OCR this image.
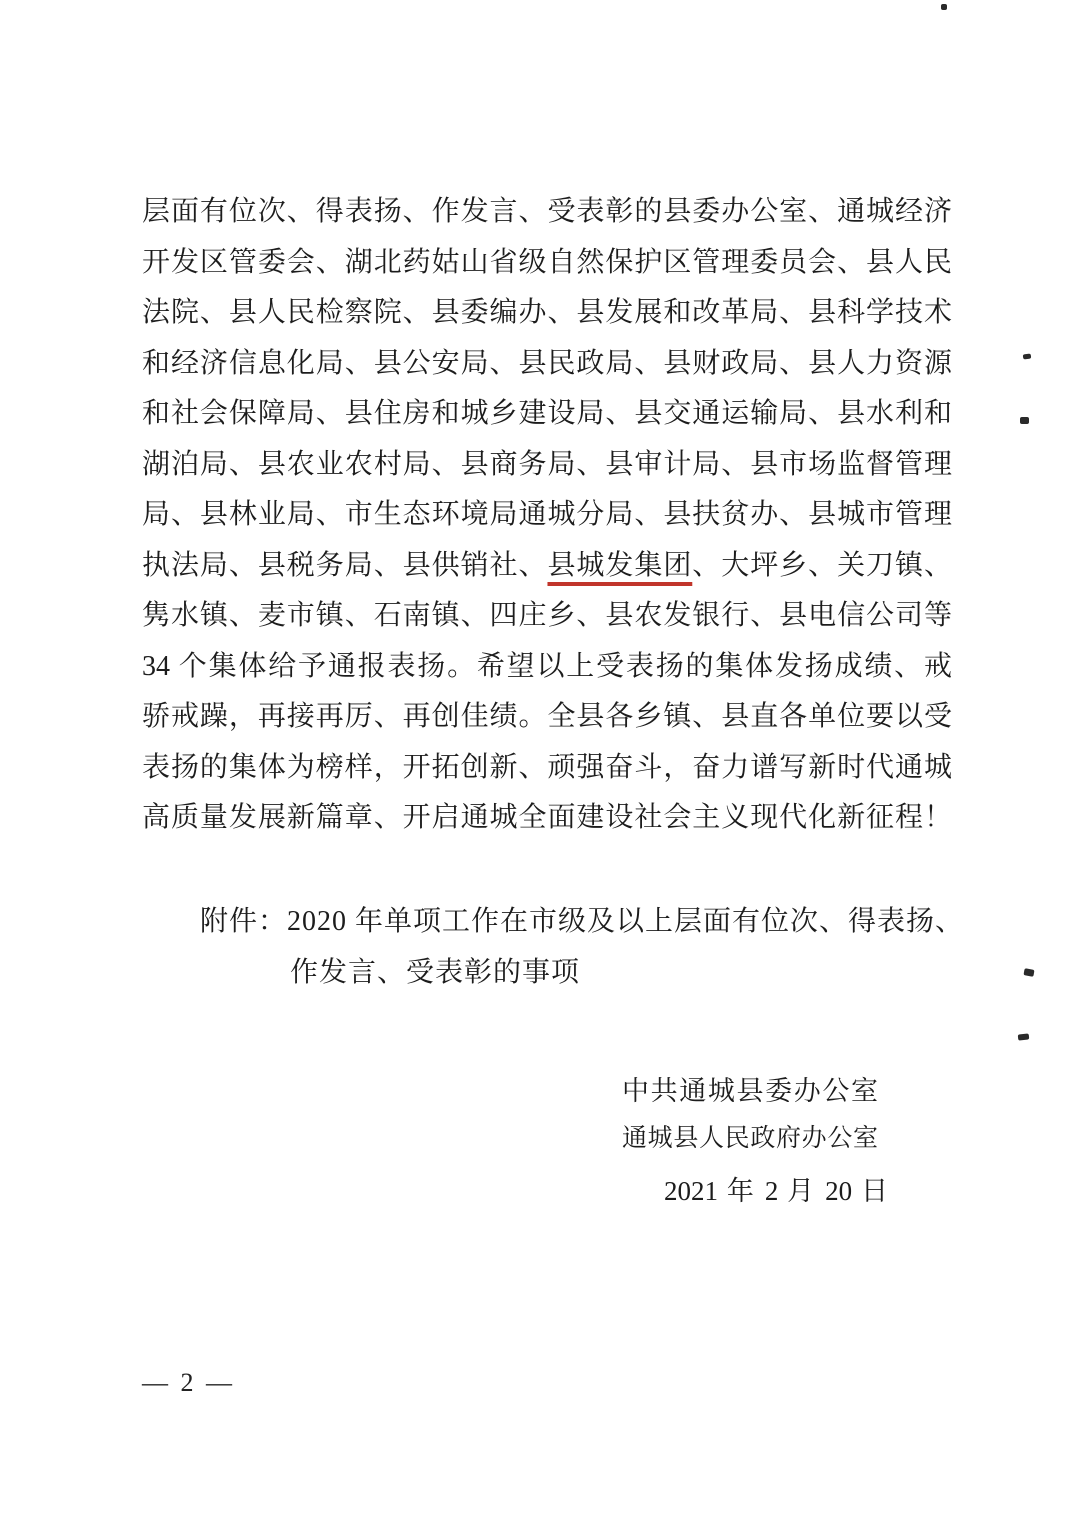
层面有位次、得表扬、作发言、受表彰的县委办公室、通城经济
开发区管委会、湖北药姑山省级自然保护区管理委员会、县人民
法院、县人民检察院、县委编办、县发展和改革局、县科学技术
和经济信息化局、县公安局、县民政局、县财政局、县人力资源
和社会保障局、县住房和城乡建设局、县交通运输局、县水利和
湖泊局、县农业农村局、县商务局、县审计局、县市场监督管理
局、县林业局、市生态环境局通城分局、县扶贫办、县城市管理
执法局、县税务局、县供销社、县城发集团、大坪乡、关刀镇、
隽水镇、麦市镇、石南镇、四庄乡、县农发银行、县电信公司等
34 个集体给予通报表扬。希望以上受表扬的集体发扬成绩、戒
骄戒躁，再接再厉、再创佳绩。全县各乡镇、县直各单位要以受
表扬的集体为榜样，开拓创新、顽强奋斗，奋力谱写新时代通城
高质量发展新篇章、开启通城全面建设社会主义现代化新征程！
附件：2020 年单项工作在市级及以上层面有位次、得表扬、
作发言、受表彰的事项
中共通城县委办公室
通城县人民政府办公室
2021 年 2 月 20 日
— 2 —
